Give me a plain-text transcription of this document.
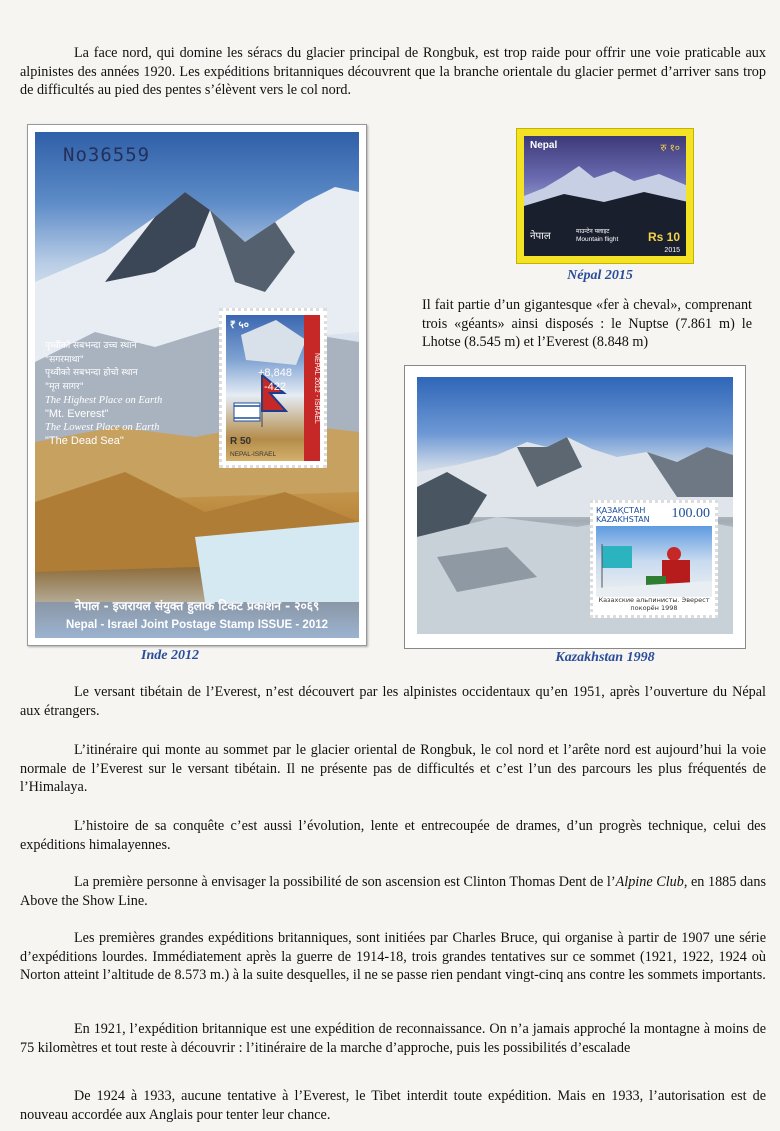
La face nord, qui domine les séracs du glacier principal de Rongbuk, est trop raide pour offrir une voie praticable aux alpinistes des années 1920. Les expéditions britanniques découvrent que la branche orientale du glacier permet d’arriver sans trop de difficultés au pied des pentes s’élèvent vers le col nord.

No36559
पृथ्वीको सबभन्दा उच्च स्थान
"सगरमाथा"
पृथ्वीको सबभन्दा होचो स्थान
"मृत सागर"
The Highest Place on Earth
"Mt. Everest"
The Lowest Place on Earth
"The Dead Sea"
₹ ५०
+8,848
-422
R 50
NEPAL-ISRAEL
NEPAL 2012 - ISRAEL
नेपाल - इजरायल संयुक्त हुलाक टिकट प्रकाशन - २०६९
Nepal - Israel Joint Postage Stamp ISSUE - 2012
Inde 2012
Nepal	रु १०
नेपाल	माउन्टेन फ्लाइट
Mountain flight Rs 10
2015
Népal 2015

Il fait partie d’un gigantesque «fer à cheval», comprenant trois «géants» ainsi disposés : le Nuptse (7.861 m) le Lhotse (8.545 m) et l’Everest (8.848 m)

ҚАЗАҚСТАН
KAZAKHSTAN	100.00
Казахские альпинисты. Эверест покорён 1998
Kazakhstan 1998

Le versant tibétain de l’Everest, n’est découvert par les alpinistes occidentaux qu’en 1951, après l’ouverture du Népal aux étrangers.

L’itinéraire qui monte au sommet par le glacier oriental de Rongbuk, le col nord et l’arête nord est aujourd’hui la voie normale de l’Everest sur le versant tibétain. Il ne présente pas de difficultés et c’est l’un des parcours les plus fréquentés de l’Himalaya.

L’histoire de sa conquête c’est aussi l’évolution, lente et entrecoupée de drames, d’un progrès technique, celui des expéditions himalayennes.

La première personne à envisager la possibilité de son ascension est Clinton Thomas Dent de l’Alpine Club, en 1885 dans Above the Show Line.

Les premières grandes expéditions britanniques, sont initiées par Charles Bruce, qui organise à partir de 1907 une série d’expéditions lourdes. Immédiatement après la guerre de 1914-18, trois grandes tentatives sur ce sommet (1921, 1922, 1924 où Norton atteint l’altitude de 8.573 m.) à la suite desquelles, il ne se passe rien pendant vingt-cinq ans contre les sommets importants.

En 1921, l’expédition britannique est une expédition de reconnaissance. On n’a jamais approché la montagne à moins de 75 kilomètres et tout reste à découvrir : l’itinéraire de la marche d’approche, puis les possibilités d’escalade

De 1924 à 1933, aucune tentative à l’Everest, le Tibet interdit toute expédition. Mais en 1933, l’autorisation est de nouveau accordée aux Anglais pour tenter leur chance.
